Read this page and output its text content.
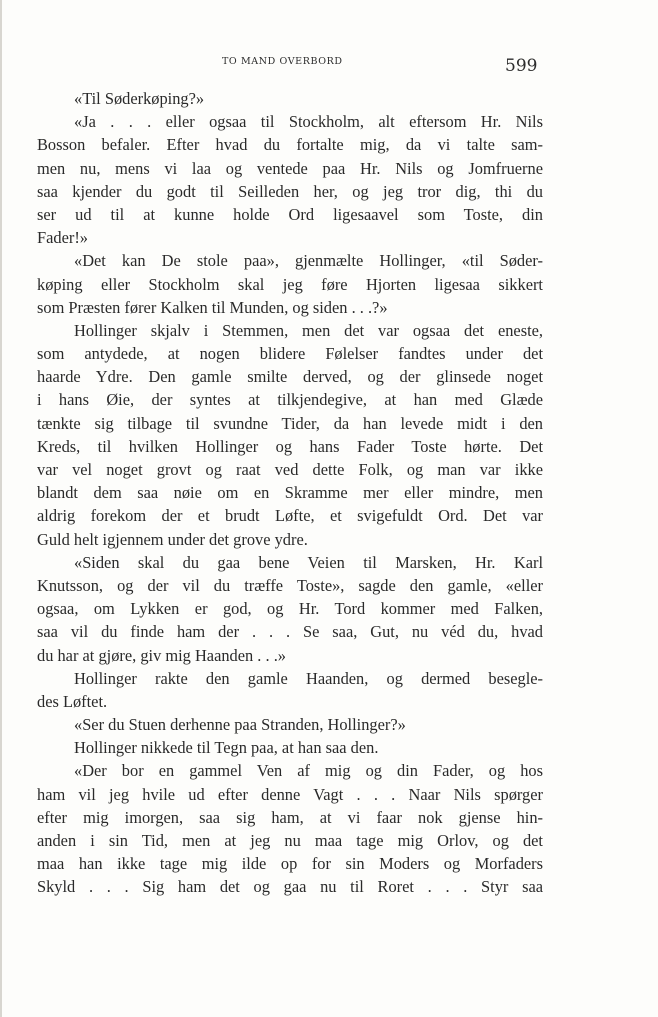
TO MAND OVERBORD	599
«Til Søderkøping?»
«Ja . . . eller ogsaa til Stockholm, alt eftersom Hr. Nils
Bosson befaler. Efter hvad du fortalte mig, da vi talte sam-
men nu, mens vi laa og ventede paa Hr. Nils og Jomfruerne
saa kjender du godt til Seilleden her, og jeg tror dig, thi du
ser ud til at kunne holde Ord ligesaavel som Toste, din
Fader!»
«Det kan De stole paa», gjenmælte Hollinger, «til Søder-
køping eller Stockholm skal jeg føre Hjorten ligesaa sikkert
som Præsten fører Kalken til Munden, og siden . . .?»
Hollinger skjalv i Stemmen, men det var ogsaa det eneste,
som antydede, at nogen blidere Følelser fandtes under det
haarde Ydre. Den gamle smilte derved, og der glinsede noget
i hans Øie, der syntes at tilkjendegive, at han med Glæde
tænkte sig tilbage til svundne Tider, da han levede midt i den
Kreds, til hvilken Hollinger og hans Fader Toste hørte. Det
var vel noget grovt og raat ved dette Folk, og man var ikke
blandt dem saa nøie om en Skramme mer eller mindre, men
aldrig forekom der et brudt Løfte, et svigefuldt Ord. Det var
Guld helt igjennem under det grove ydre.
«Siden skal du gaa bene Veien til Marsken, Hr. Karl
Knutsson, og der vil du træffe Toste», sagde den gamle, «eller
ogsaa, om Lykken er god, og Hr. Tord kommer med Falken,
saa vil du finde ham der . . . Se saa, Gut, nu véd du, hvad
du har at gjøre, giv mig Haanden . . .»
Hollinger rakte den gamle Haanden, og dermed besegle-
des Løftet.
«Ser du Stuen derhenne paa Stranden, Hollinger?»
Hollinger nikkede til Tegn paa, at han saa den.
«Der bor en gammel Ven af mig og din Fader, og hos
ham vil jeg hvile ud efter denne Vagt . . . Naar Nils spørger
efter mig imorgen, saa sig ham, at vi faar nok gjense hin-
anden i sin Tid, men at jeg nu maa tage mig Orlov, og det
maa han ikke tage mig ilde op for sin Moders og Morfaders
Skyld . . . Sig ham det og gaa nu til Roret . . . Styr saa
